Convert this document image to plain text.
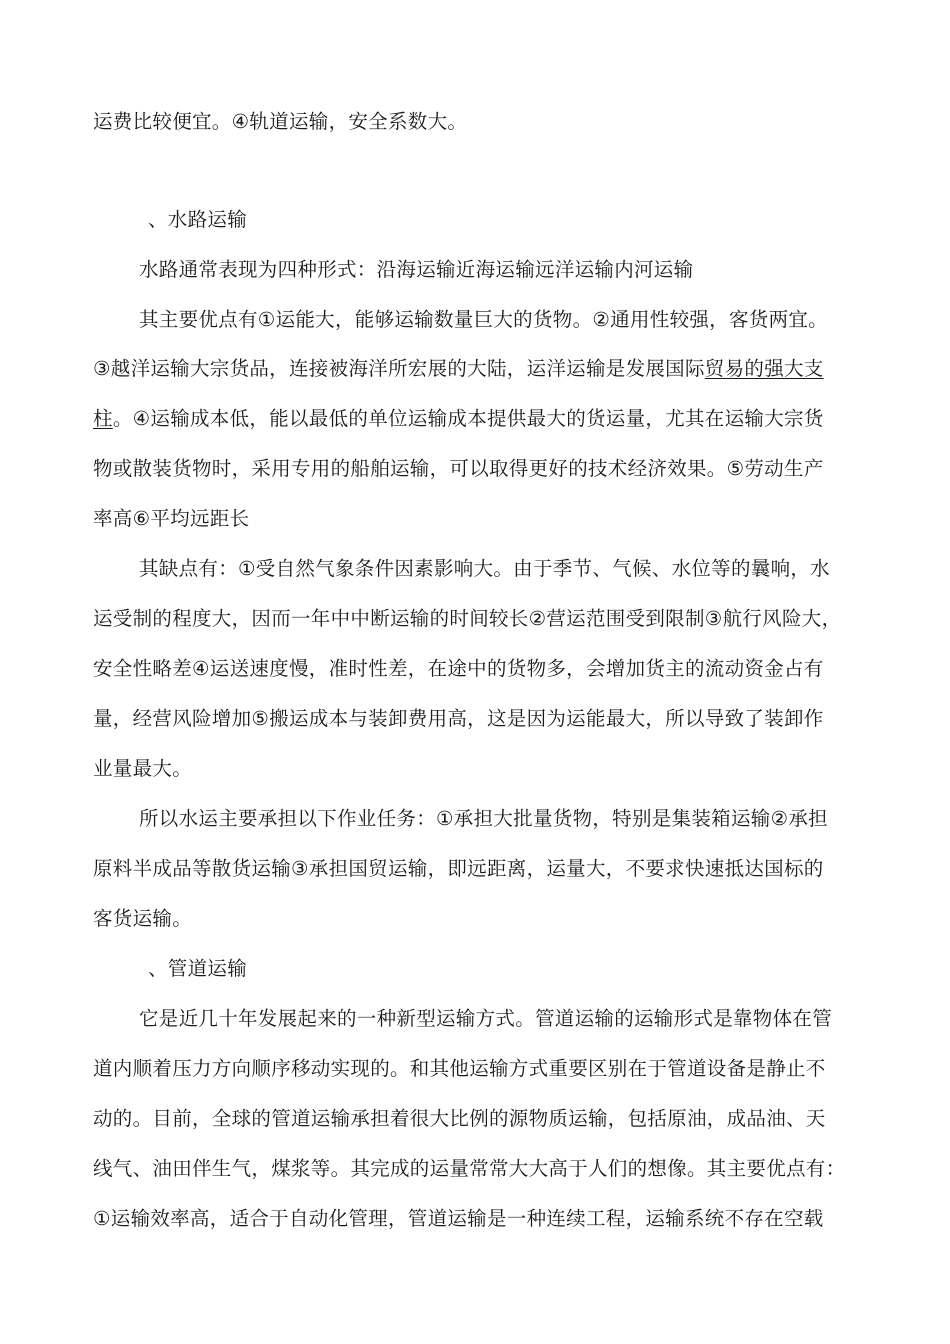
运费比较便宜。④轨道运输，安全系数大。
、水路运输
水路通常表现为四种形式：沿海运输近海运输远洋运输内河运输
其主要优点有①运能大，能够运输数量巨大的货物。②通用性较强，客货两宜。
③越洋运输大宗货品，连接被海洋所宏展的大陆，运洋运输是发展国际贸易的强大支
柱。④运输成本低，能以最低的单位运输成本提供最大的货运量，尤其在运输大宗货
物或散装货物时，采用专用的船舶运输，可以取得更好的技术经济效果。⑤劳动生产
率高⑥平均远距长
其缺点有：①受自然气象条件因素影响大。由于季节、气候、水位等的曩响，水
运受制的程度大，因而一年中中断运输的时间较长②营运范围受到限制③航行风险大，
安全性略差④运送速度慢，准时性差，在途中的货物多，会增加货主的流动资金占有
量，经营风险增加⑤搬运成本与装卸费用高，这是因为运能最大，所以导致了装卸作
业量最大。
所以水运主要承担以下作业任务：①承担大批量货物，特别是集装箱运输②承担
原料半成品等散货运输③承担国贸运输，即远距离，运量大，不要求快速抵达国标的
客货运输。
、管道运输
它是近几十年发展起来的一种新型运输方式。管道运输的运输形式是靠物体在管
道内顺着压力方向顺序移动实现的。和其他运输方式重要区别在于管道设备是静止不
动的。目前，全球的管道运输承担着很大比例的源物质运输，包括原油，成品油、天
线气、油田伴生气，煤浆等。其完成的运量常常大大高于人们的想像。其主要优点有：
①运输效率高，适合于自动化管理，管道运输是一种连续工程，运输系统不存在空载
